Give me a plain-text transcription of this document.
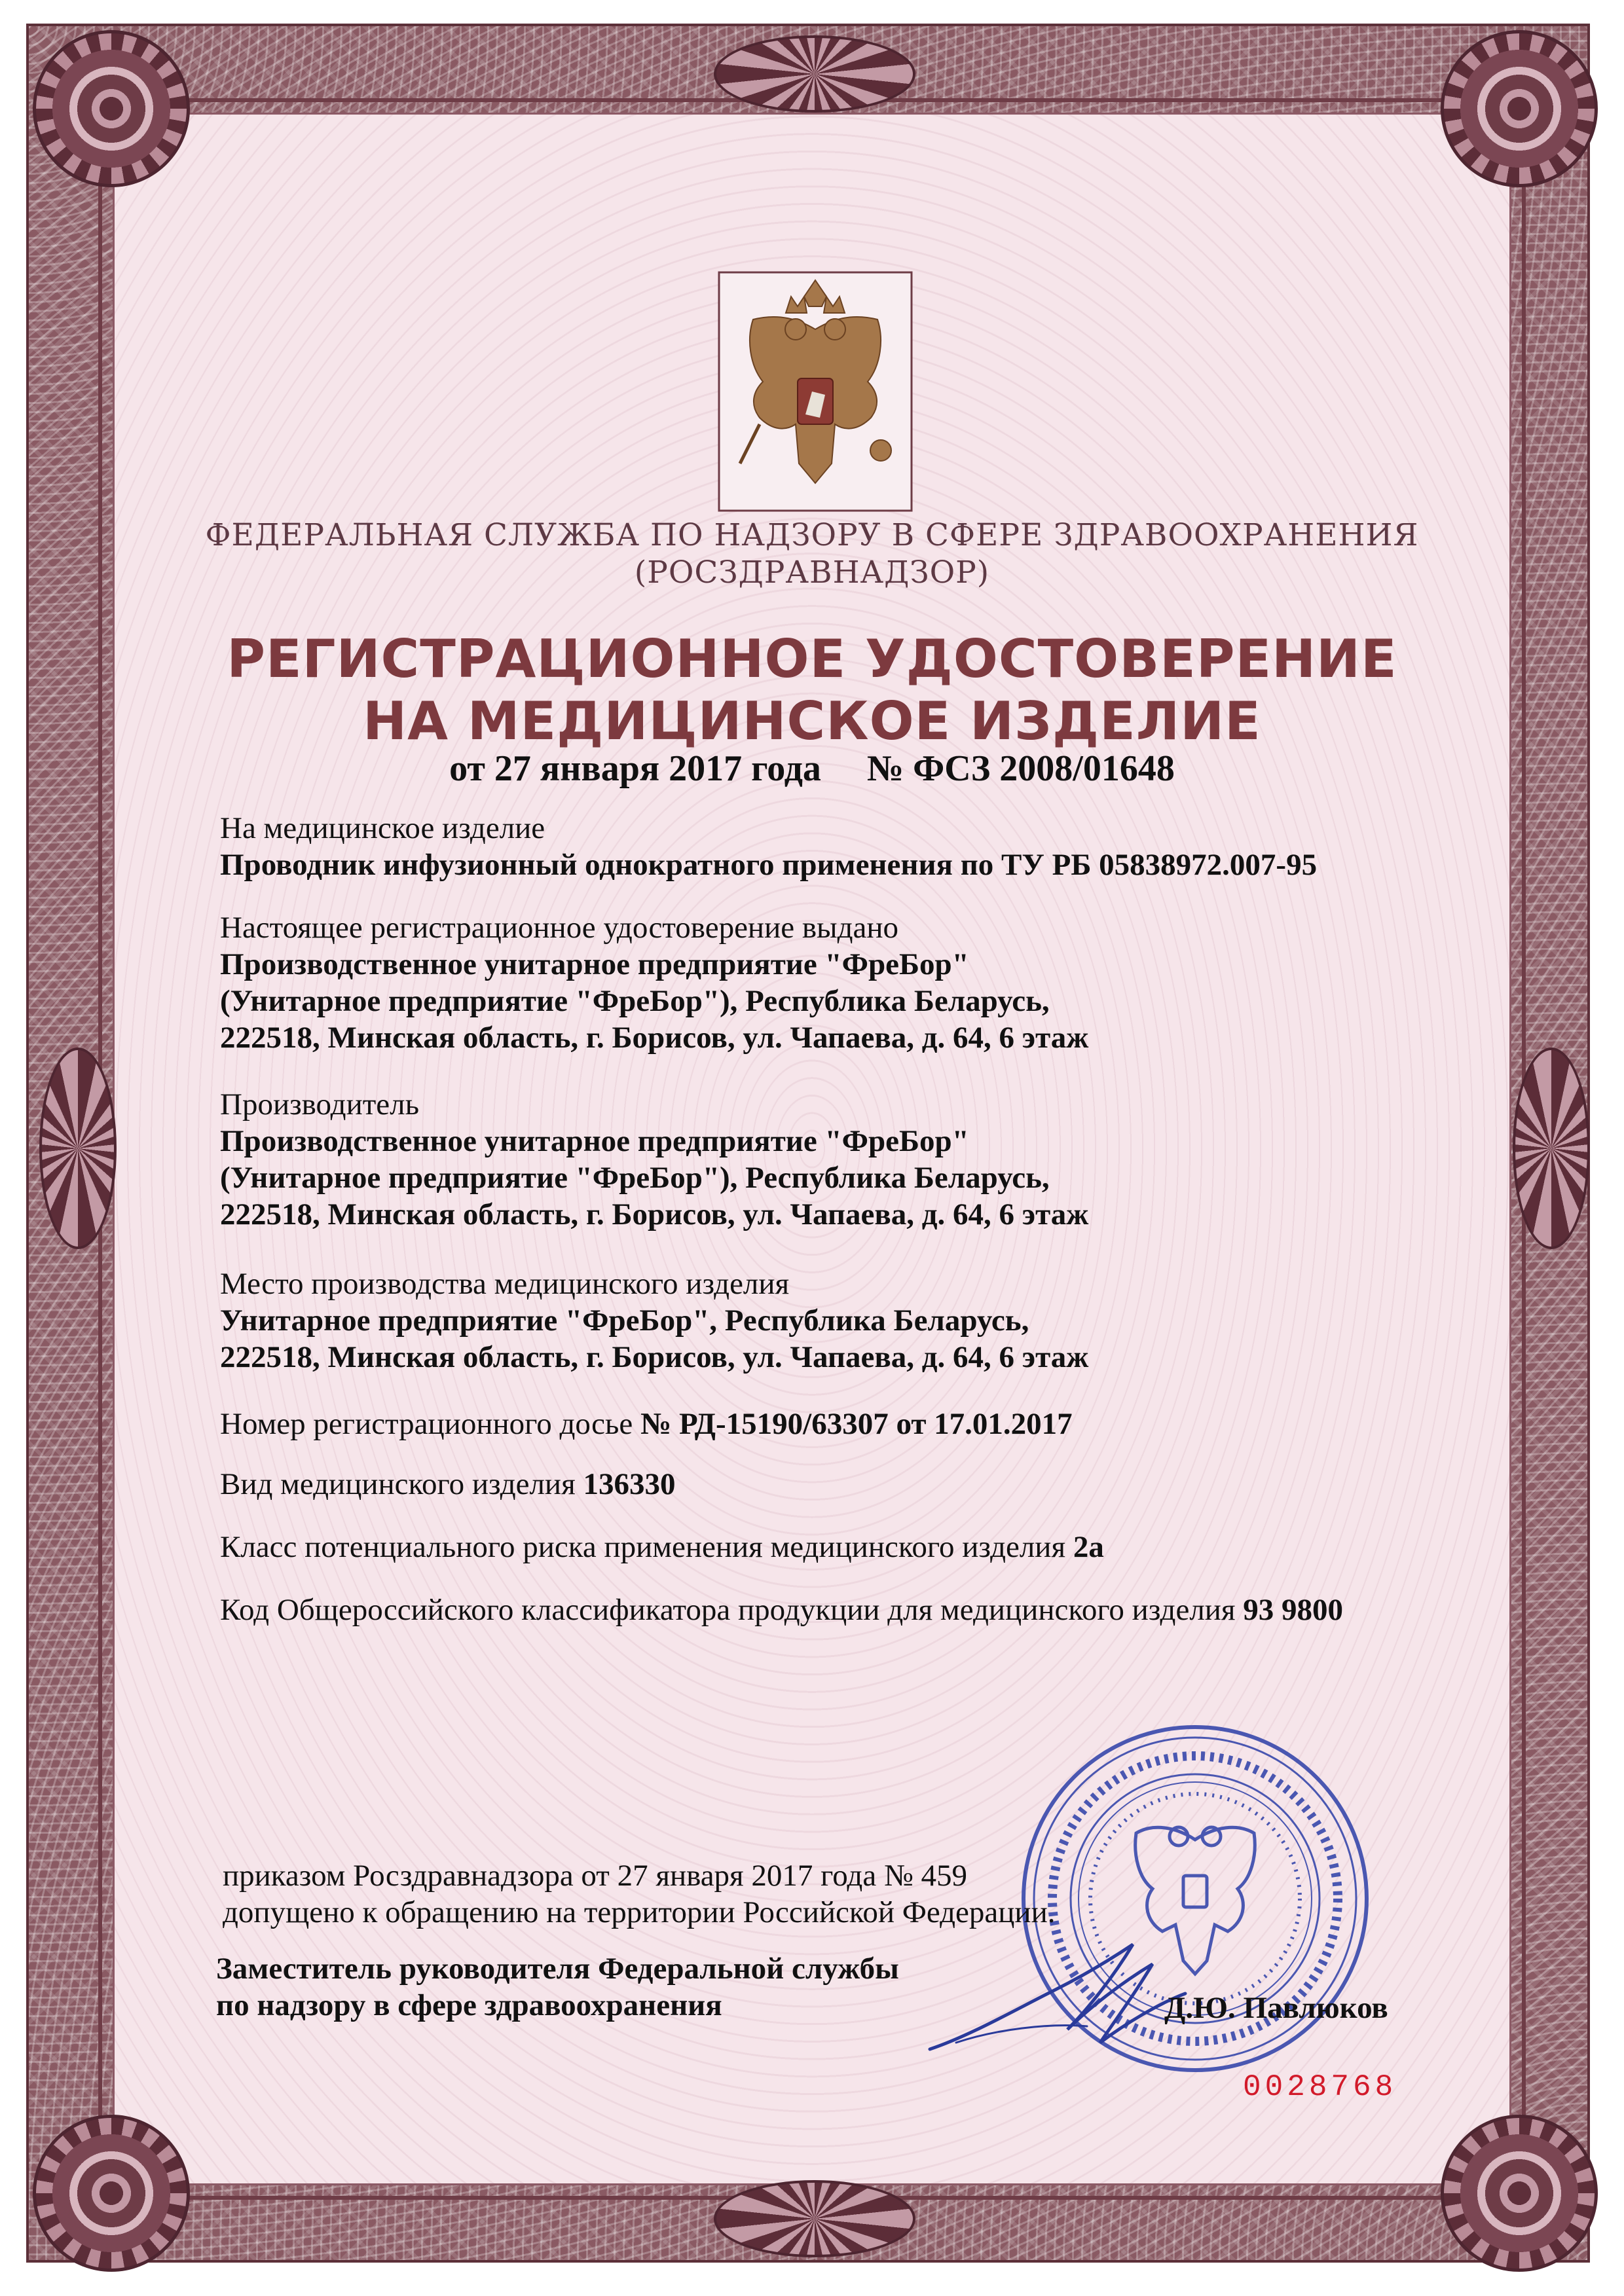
ФЕДЕРАЛЬНАЯ СЛУЖБА ПО НАДЗОРУ В СФЕРЕ ЗДРАВООХРАНЕНИЯ
(РОСЗДРАВНАДЗОР)
РЕГИСТРАЦИОННОЕ УДОСТОВЕРЕНИЕ
НА МЕДИЦИНСКОЕ ИЗДЕЛИЕ
от 27 января 2017 года № ФСЗ 2008/01648
На медицинское изделие
Проводник инфузионный однократного применения по ТУ РБ 05838972.007-95
Настоящее регистрационное удостоверение выдано
Производственное унитарное предприятие "ФреБор"
(Унитарное предприятие "ФреБор"), Республика Беларусь,
222518, Минская область, г. Борисов, ул. Чапаева, д. 64, 6 этаж
Производитель
Производственное унитарное предприятие "ФреБор"
(Унитарное предприятие "ФреБор"), Республика Беларусь,
222518, Минская область, г. Борисов, ул. Чапаева, д. 64, 6 этаж
Место производства медицинского изделия
Унитарное предприятие "ФреБор", Республика Беларусь,
222518, Минская область, г. Борисов, ул. Чапаева, д. 64, 6 этаж
Номер регистрационного досье № РД-15190/63307 от 17.01.2017
Вид медицинского изделия 136330
Класс потенциального риска применения медицинского изделия 2а
Код Общероссийского классификатора продукции для медицинского изделия 93 9800
приказом Росздравнадзора от 27 января 2017 года № 459
допущено к обращению на территории Российской Федерации.
Заместитель руководителя Федеральной службы
по надзору в сфере здравоохранения	Д.Ю. Павлюков
0028768
